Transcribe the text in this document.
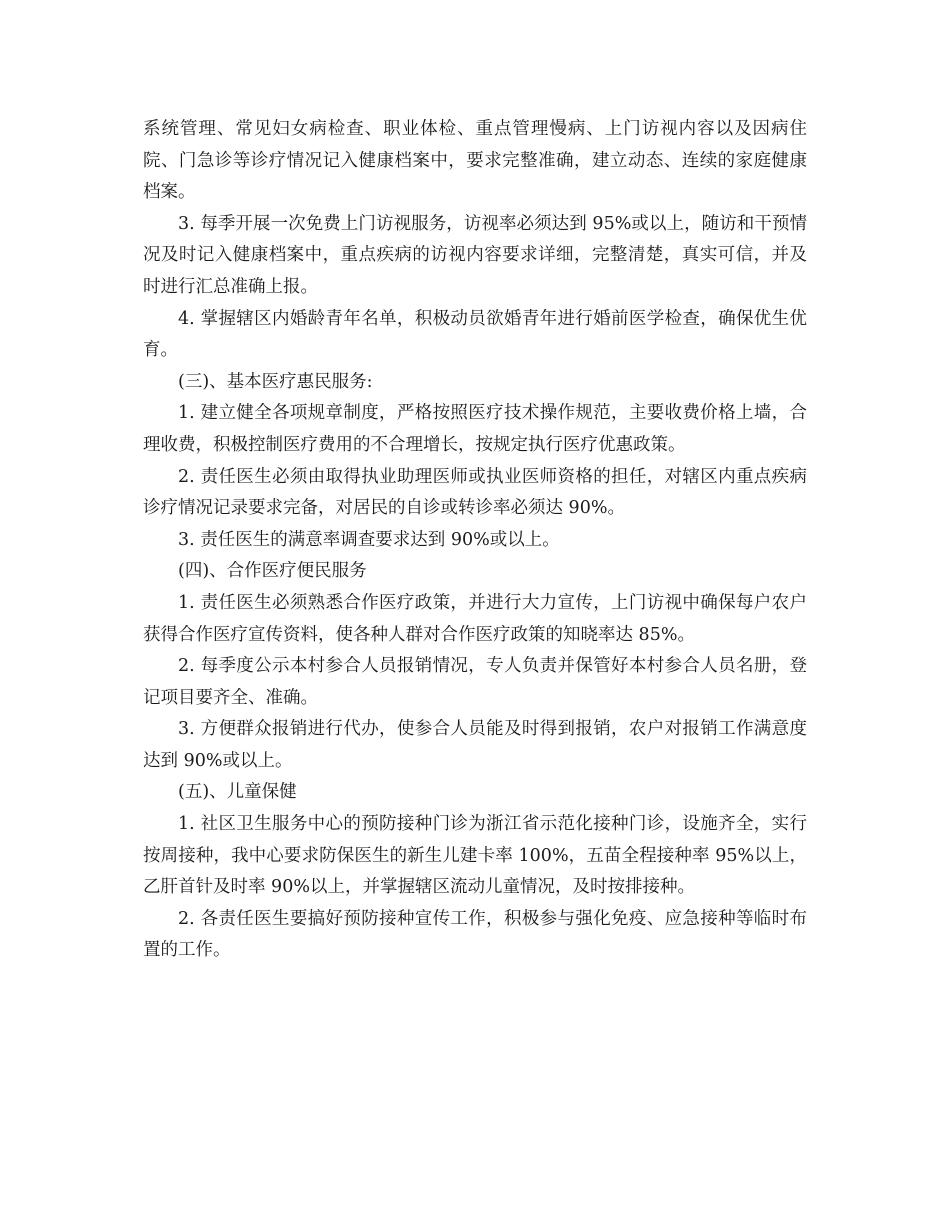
系统管理、常见妇女病检查、职业体检、重点管理慢病、上门访视内容以及因病住院、门急诊等诊疗情况记入健康档案中，要求完整准确，建立动态、连续的家庭健康档案。

3. 每季开展一次免费上门访视服务，访视率必须达到 95%或以上，随访和干预情况及时记入健康档案中，重点疾病的访视内容要求详细，完整清楚，真实可信，并及时进行汇总准确上报。

4. 掌握辖区内婚龄青年名单，积极动员欲婚青年进行婚前医学检查，确保优生优育。

(三)、基本医疗惠民服务:

1. 建立健全各项规章制度，严格按照医疗技术操作规范，主要收费价格上墙，合理收费，积极控制医疗费用的不合理增长，按规定执行医疗优惠政策。

2. 责任医生必须由取得执业助理医师或执业医师资格的担任，对辖区内重点疾病诊疗情况记录要求完备，对居民的自诊或转诊率必须达 90%。

3. 责任医生的满意率调查要求达到 90%或以上。

(四)、合作医疗便民服务

1. 责任医生必须熟悉合作医疗政策，并进行大力宣传，上门访视中确保每户农户获得合作医疗宣传资料，使各种人群对合作医疗政策的知晓率达 85%。

2. 每季度公示本村参合人员报销情况，专人负责并保管好本村参合人员名册，登记项目要齐全、准确。

3. 方便群众报销进行代办，使参合人员能及时得到报销，农户对报销工作满意度达到 90%或以上。

(五)、儿童保健

1. 社区卫生服务中心的预防接种门诊为浙江省示范化接种门诊，设施齐全，实行按周接种，我中心要求防保医生的新生儿建卡率 100%，五苗全程接种率 95%以上，乙肝首针及时率 90%以上，并掌握辖区流动儿童情况，及时按排接种。

2. 各责任医生要搞好预防接种宣传工作，积极参与强化免疫、应急接种等临时布置的工作。
